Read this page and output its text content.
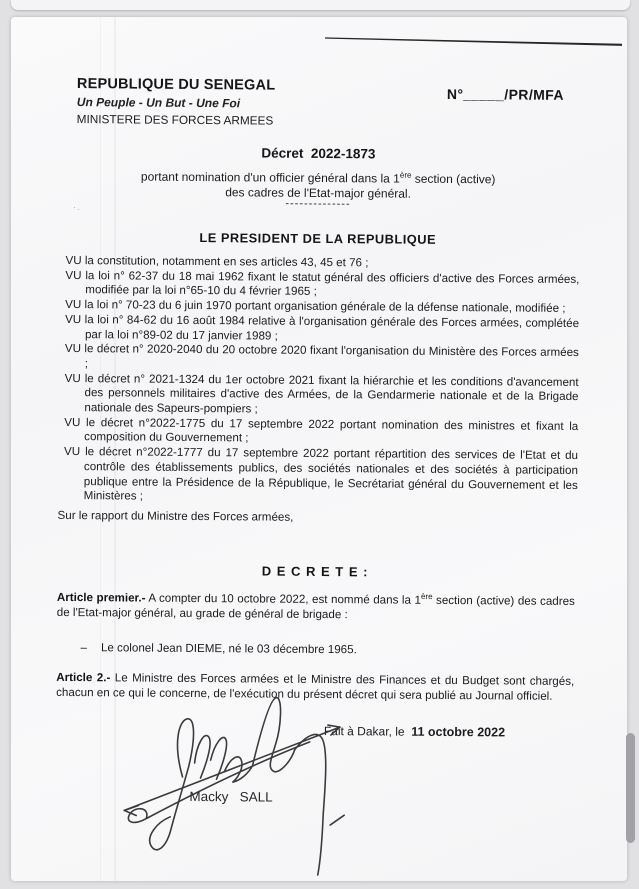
·.
REPUBLIQUE DU SENEGAL
Un Peuple - Un But - Une Foi
MINISTERE DES FORCES ARMEES
N°_____/PR/MFA
Décret  2022-1873
portant nomination d'un officier général dans la 1ère section (active)
des cadres de l'Etat-major général.
--------------
LE PRESIDENT DE LA REPUBLIQUE
VU la constitution, notamment en ses articles 43, 45 et 76 ;
VU la loi n° 62-37 du 18 mai 1962 fixant le statut général des officiers d'active des Forces armées, modifiée par la loi n°65-10 du 4 février 1965 ;
VU la loi n° 70-23 du 6 juin 1970 portant organisation générale de la défense nationale, modifiée ;
VU la loi n° 84-62 du 16 août 1984 relative à l'organisation générale des Forces armées, complétée par la loi n°89-02 du 17 janvier 1989 ;
VU le décret n° 2020-2040 du 20 octobre 2020 fixant l'organisation du Ministère des Forces armées ;
VU le décret n° 2021-1324 du 1er octobre 2021 fixant la hiérarchie et les conditions d'avancement des personnels militaires d'active des Armées, de la Gendarmerie nationale et de la Brigade nationale des Sapeurs-pompiers ;
VU le décret n°2022-1775 du 17 septembre 2022 portant nomination des ministres et fixant la composition du Gouvernement ;
VU le décret n°2022-1777 du 17 septembre 2022 portant répartition des services de l'Etat et du contrôle des établissements publics, des sociétés nationales et des sociétés à participation publique entre la Présidence de la République, le Secrétariat général du Gouvernement et les Ministères ;
Sur le rapport du Ministre des Forces armées,
D E C R E T E :
Article premier.- A compter du 10 octobre 2022, est nommé dans la 1ère section (active) des cadres de l'Etat-major général, au grade de général de brigade :
– Le colonel Jean DIEME, né le 03 décembre 1965.
Article 2.- Le Ministre des Forces armées et le Ministre des Finances et du Budget sont chargés, chacun en ce qui le concerne, de l'exécution du présent décret qui sera publié au Journal officiel.
Fait à Dakar, le  11 octobre 2022
Macky   SALL
